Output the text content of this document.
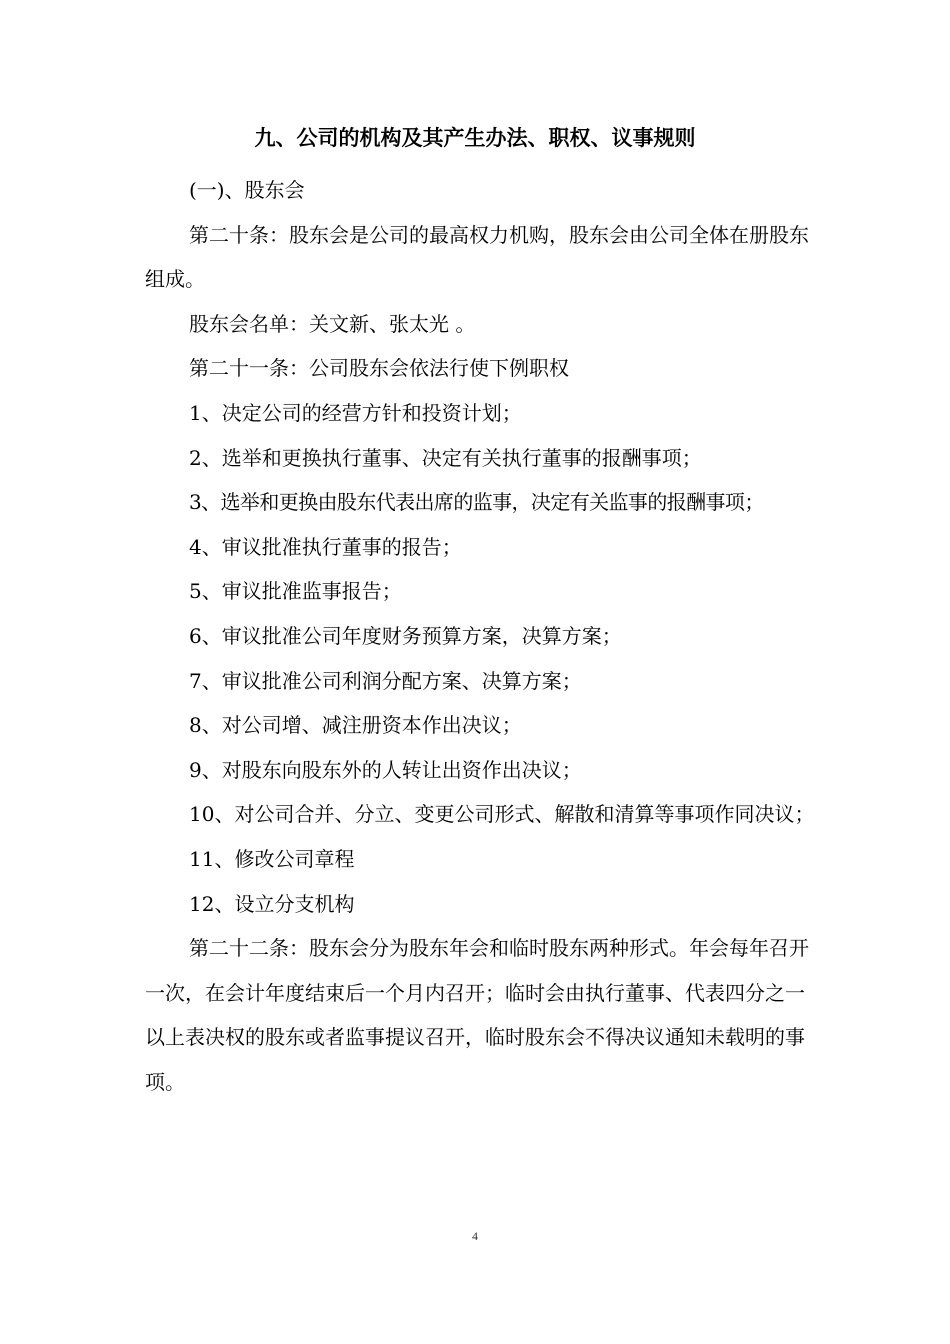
九、公司的机构及其产生办法、职权、议事规则

(一)、股东会

第二十条：股东会是公司的最高权力机购，股东会由公司全体在册股东组成。

股东会名单：关文新、张太光 。

第二十一条：公司股东会依法行使下例职权

1、决定公司的经营方针和投资计划；

2、选举和更换执行董事、决定有关执行董事的报酬事项；

3、选举和更换由股东代表出席的监事，决定有关监事的报酬事项；

4、审议批准执行董事的报告；

5、审议批准监事报告；

6、审议批准公司年度财务预算方案，决算方案；

7、审议批准公司利润分配方案、决算方案；

8、对公司增、减注册资本作出决议；

9、对股东向股东外的人转让出资作出决议；

10、对公司合并、分立、变更公司形式、解散和清算等事项作同决议；

11、修改公司章程

12、设立分支机构

第二十二条：股东会分为股东年会和临时股东两种形式。年会每年召开一次，在会计年度结束后一个月内召开；临时会由执行董事、代表四分之一以上表决权的股东或者监事提议召开，临时股东会不得决议通知未载明的事项。

4
